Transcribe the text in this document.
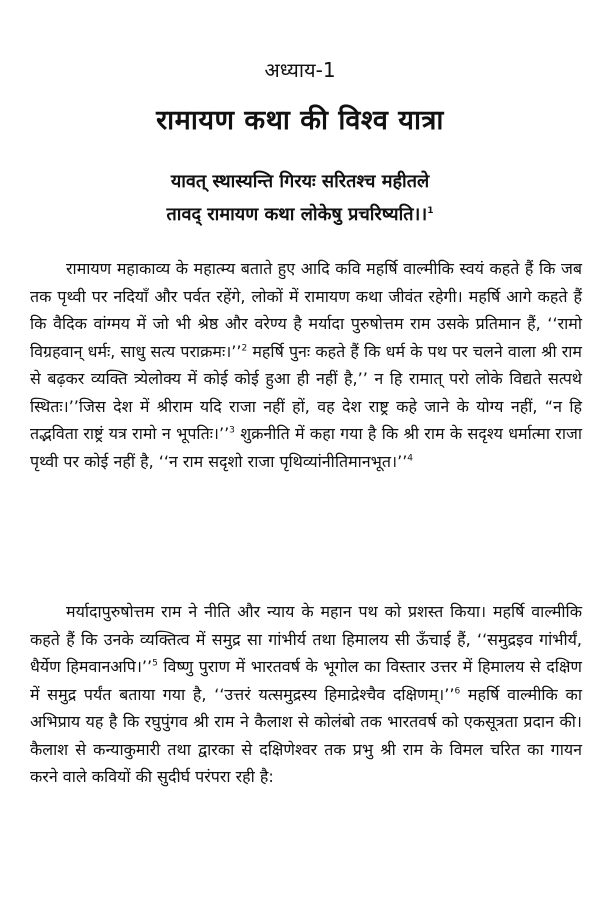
अध्याय-1
रामायण कथा की विश्व यात्रा
यावत् स्थास्यन्ति गिरयः सरितश्च महीतले
तावद् रामायण कथा लोकेषु प्रचरिष्यति।।$^1$
रामायण महाकाव्य के महात्म्य बताते हुए आदि कवि महर्षि वाल्मीकि स्वयं कहते हैं कि जब तक पृथ्वी पर नदियाँ और पर्वत रहेंगे, लोकों में रामायण कथा जीवंत रहेगी। महर्षि आगे कहते हैं कि वैदिक वांग्मय में जो भी श्रेष्ठ और वरेण्य है मर्यादा पुरुषोत्तम राम उसके प्रतिमान हैं, ‘‘रामो विग्रहवान् धर्मः, साधु सत्य पराक्रमः।’’$^2$ महर्षि पुनः कहते हैं कि धर्म के पथ पर चलने वाला श्री राम से बढ़कर व्यक्ति त्र्येलोक्य में कोई कोई हुआ ही नहीं है,’’ न हि रामात् परो लोके विद्यते सत्पथे स्थितः।’’जिस देश में श्रीराम यदि राजा नहीं हों, वह देश राष्ट्र कहे जाने के योग्य नहीं, “न हि तद्भविता राष्ट्रं यत्र रामो न भूपतिः।’’$^3$ शुक्रनीति में कहा गया है कि श्री राम के सदृश्य धर्मात्मा राजा पृथ्वी पर कोई नहीं है, ‘‘न राम सदृशो राजा पृथिव्यांनीतिमानभूत।’’$^4$
मर्यादापुरुषोत्तम राम ने नीति और न्याय के महान पथ को प्रशस्त किया। महर्षि वाल्मीकि कहते हैं कि उनके व्यक्तित्व में समुद्र सा गांभीर्य तथा हिमालय सी ऊँचाई हैं, ‘‘समुद्रइव गांभीर्यं, धैर्येण हिमवानअपि।’’$^5$ विष्णु पुराण में भारतवर्ष के भूगोल का विस्तार उत्तर में हिमालय से दक्षिण में समुद्र पर्यंत बताया गया है, ‘‘उत्तरं यत्समुद्रस्य हिमाद्रेश्चैव दक्षिणम्।’’$^6$ महर्षि वाल्मीकि का अभिप्राय यह है कि रघुपुंगव श्री राम ने कैलाश से कोलंबो तक भारतवर्ष को एकसूत्रता प्रदान की। कैलाश से कन्याकुमारी तथा द्वारका से दक्षिणेश्वर तक प्रभु श्री राम के विमल चरित का गायन करने वाले कवियों की सुदीर्घ परंपरा रही है:
